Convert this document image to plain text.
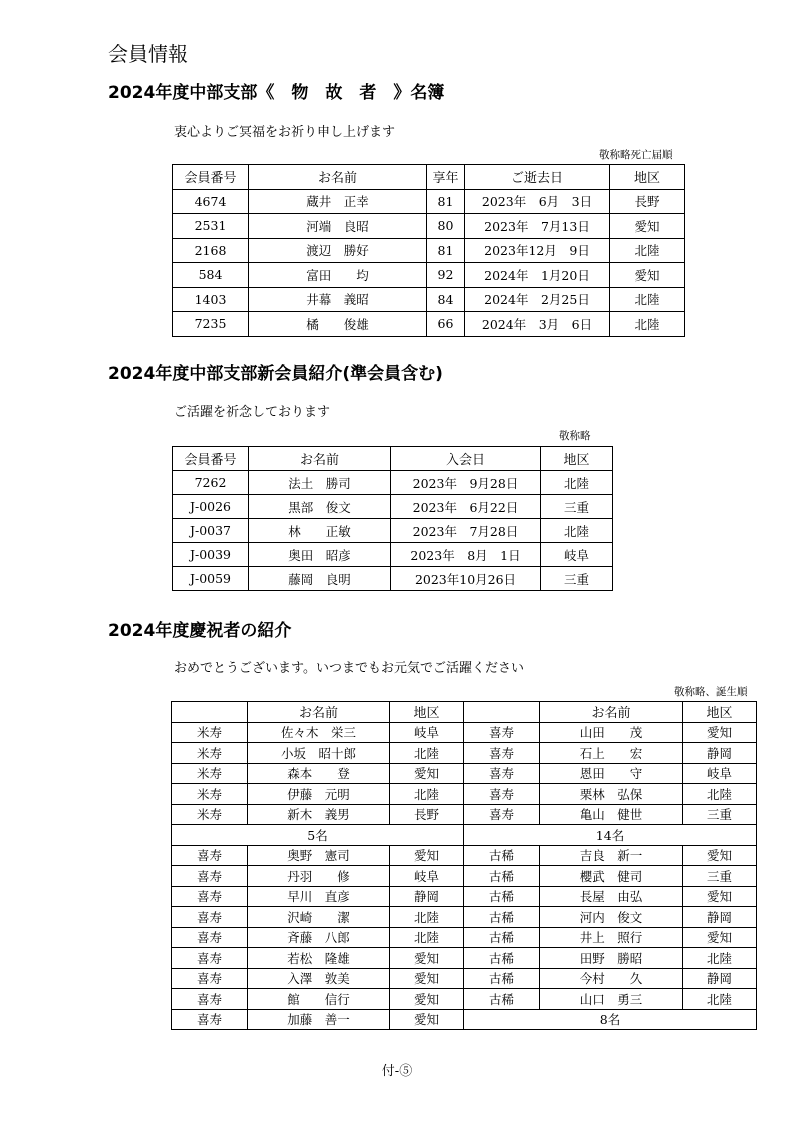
会員情報
2024年度中部支部《　物　故　者　》名簿
衷心よりご冥福をお祈り申し上げます
敬称略死亡届順
会員番号	お名前	享年	ご逝去日	地区
4674	蔵井　正幸	81	2023年　6月　3日	長野
2531	河端　良昭	80	2023年　7月13日	愛知
2168	渡辺　勝好	81	2023年12月　9日	北陸
584	富田　　均	92	2024年　1月20日	愛知
1403	井幕　義昭	84	2024年　2月25日	北陸
7235	橘　　俊雄	66	2024年　3月　6日	北陸
2024年度中部支部新会員紹介(準会員含む)
ご活躍を祈念しております
敬称略
会員番号	お名前	入会日	地区
7262	法土　勝司	2023年　9月28日	北陸
J-0026	黒部　俊文	2023年　6月22日	三重
J-0037	林　　正敏	2023年　7月28日	北陸
J-0039	奥田　昭彦	2023年　8月　1日	岐阜
J-0059	藤岡　良明	2023年10月26日	三重
2024年度慶祝者の紹介
おめでとうございます。いつまでもお元気でご活躍ください
敬称略、誕生順
	お名前	地区		お名前	地区
米寿	佐々木　栄三	岐阜	喜寿	山田　　茂	愛知
米寿	小坂　昭十郎	北陸	喜寿	石上　　宏	静岡
米寿	森本　　登	愛知	喜寿	恩田　　守	岐阜
米寿	伊藤　元明	北陸	喜寿	栗林　弘保	北陸
米寿	新木　義男	長野	喜寿	亀山　健世	三重
5名			14名		
喜寿	奥野　憲司	愛知	古稀	吉良　新一	愛知
喜寿	丹羽　　修	岐阜	古稀	櫻武　健司	三重
喜寿	早川　直彦	静岡	古稀	長屋　由弘	愛知
喜寿	沢崎　　潔	北陸	古稀	河内　俊文	静岡
喜寿	斉藤　八郎	北陸	古稀	井上　照行	愛知
喜寿	若松　隆雄	愛知	古稀	田野　勝昭	北陸
喜寿	入澤　敦美	愛知	古稀	今村　　久	静岡
喜寿	館　　信行	愛知	古稀	山口　勇三	北陸
喜寿	加藤　善一	愛知	8名		
付-⑤
